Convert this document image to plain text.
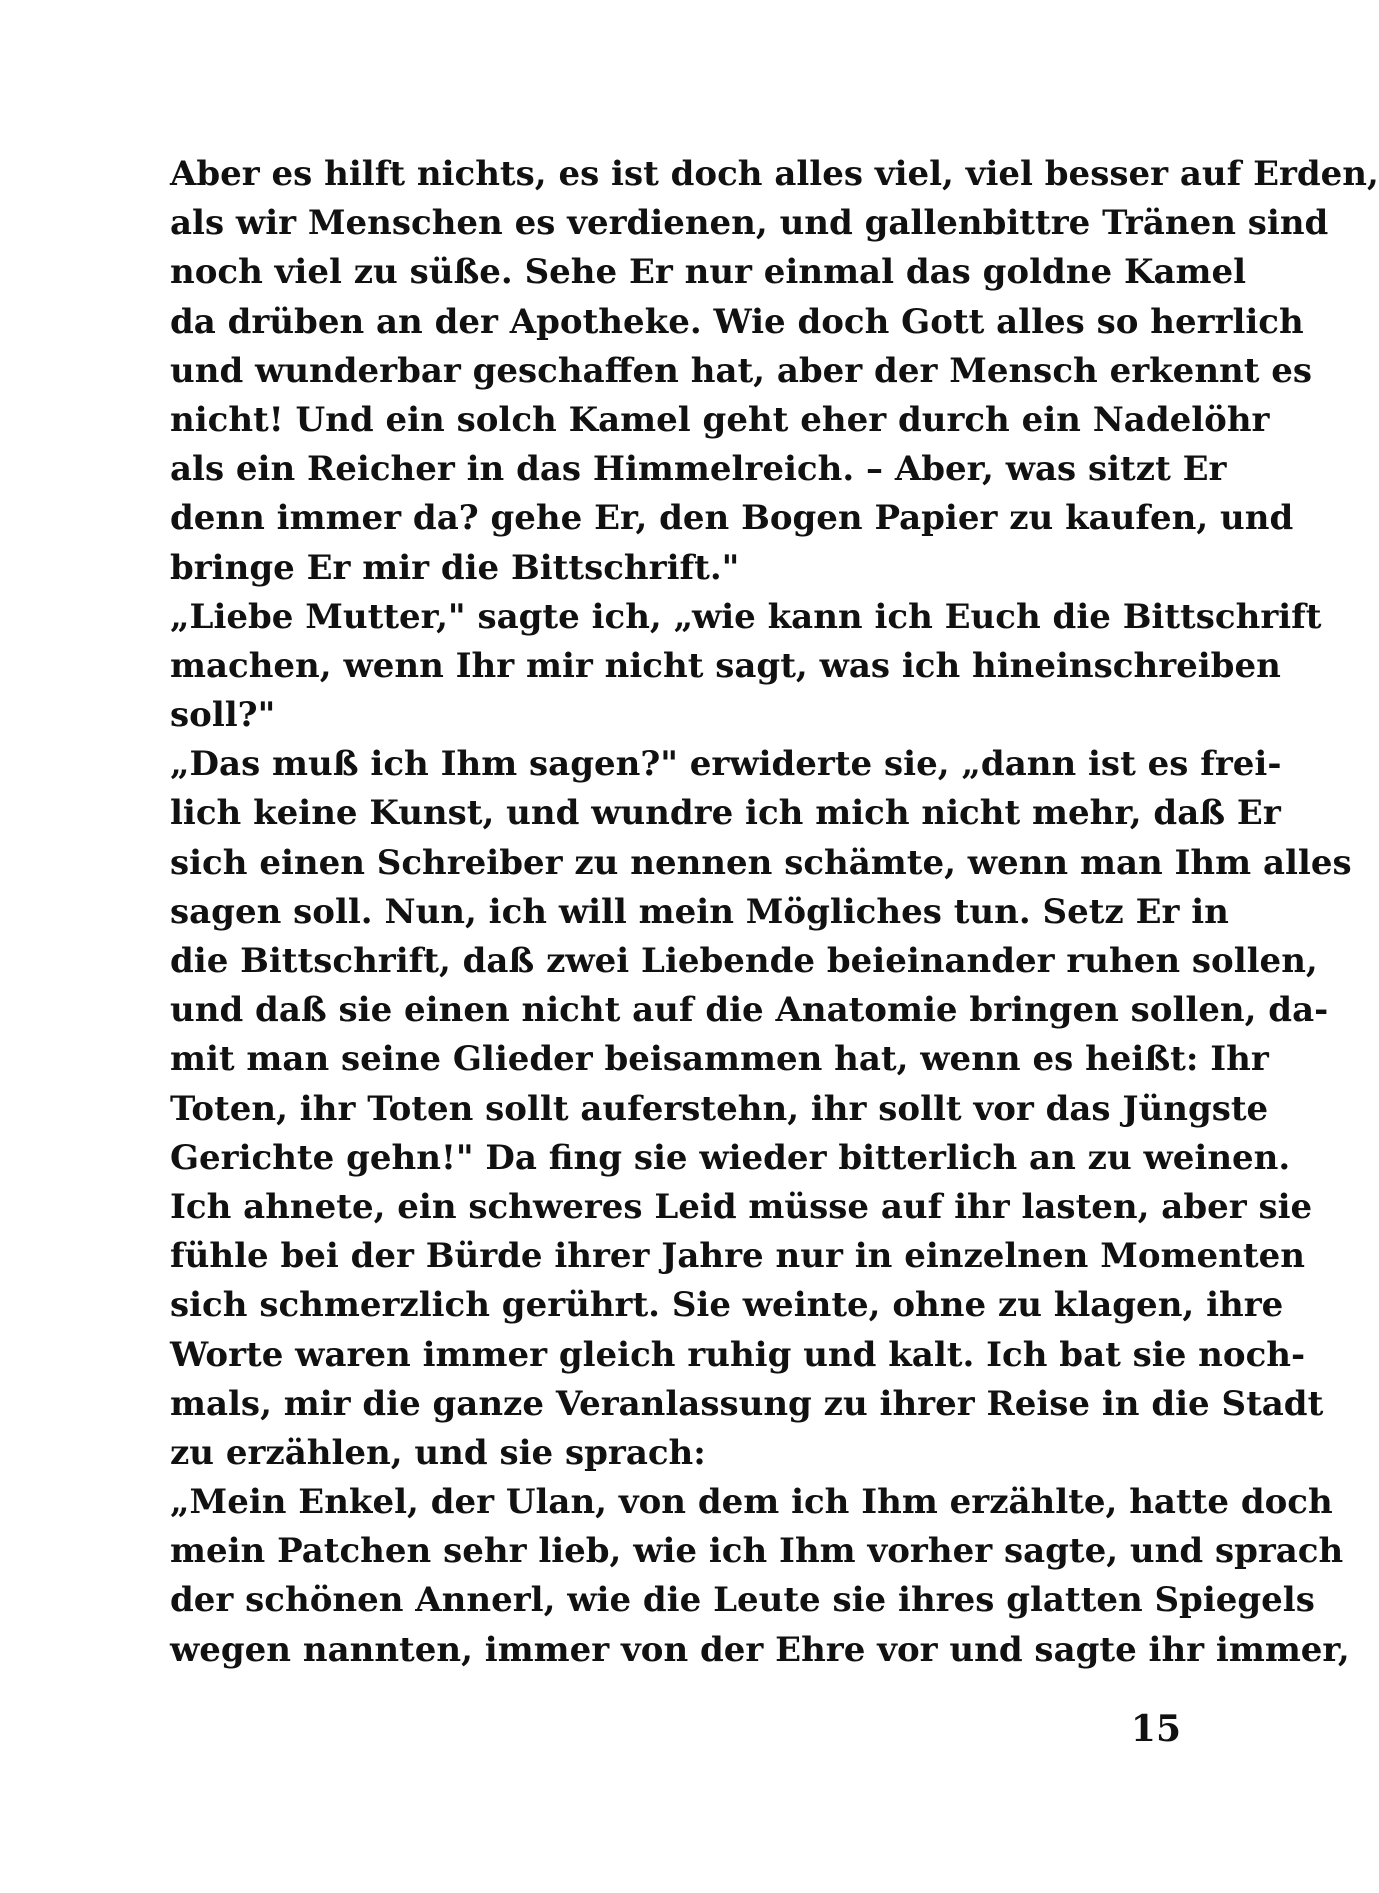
Aber es hilft nichts, es ist doch alles viel, viel besser auf Erden,
als wir Menschen es verdienen, und gallenbittre Tränen sind
noch viel zu süße. Sehe Er nur einmal das goldne Kamel
da drüben an der Apotheke. Wie doch Gott alles so herrlich
und wunderbar geschaffen hat, aber der Mensch erkennt es
nicht! Und ein solch Kamel geht eher durch ein Nadelöhr
als ein Reicher in das Himmelreich. – Aber, was sitzt Er
denn immer da? gehe Er, den Bogen Papier zu kaufen, und
bringe Er mir die Bittschrift."
„Liebe Mutter," sagte ich, „wie kann ich Euch die Bittschrift
machen, wenn Ihr mir nicht sagt, was ich hineinschreiben
soll?"
„Das muß ich Ihm sagen?" erwiderte sie, „dann ist es frei-
lich keine Kunst, und wundre ich mich nicht mehr, daß Er
sich einen Schreiber zu nennen schämte, wenn man Ihm alles
sagen soll. Nun, ich will mein Mögliches tun. Setz Er in
die Bittschrift, daß zwei Liebende beieinander ruhen sollen,
und daß sie einen nicht auf die Anatomie bringen sollen, da-
mit man seine Glieder beisammen hat, wenn es heißt: Ihr
Toten, ihr Toten sollt auferstehn, ihr sollt vor das Jüngste
Gerichte gehn!" Da fing sie wieder bitterlich an zu weinen.
Ich ahnete, ein schweres Leid müsse auf ihr lasten, aber sie
fühle bei der Bürde ihrer Jahre nur in einzelnen Momenten
sich schmerzlich gerührt. Sie weinte, ohne zu klagen, ihre
Worte waren immer gleich ruhig und kalt. Ich bat sie noch-
mals, mir die ganze Veranlassung zu ihrer Reise in die Stadt
zu erzählen, und sie sprach:
„Mein Enkel, der Ulan, von dem ich Ihm erzählte, hatte doch
mein Patchen sehr lieb, wie ich Ihm vorher sagte, und sprach
der schönen Annerl, wie die Leute sie ihres glatten Spiegels
wegen nannten, immer von der Ehre vor und sagte ihr immer,
15
